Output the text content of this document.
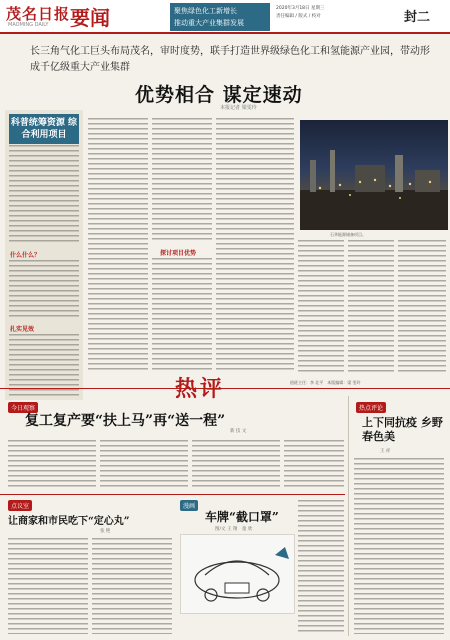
茂名日报
MAOMING DAILY 要闻	聚焦绿色化工新增长
推动重大产业集群发展
2020年3月18日 星期三
责任编辑 / 版式 / 校对	封二
长三角气化工巨头布局茂名，审时度势，联手打造世界级绿色化工和氢能源产业园，带动形成千亿级重大产业集群
优势相合 谋定速动
本报记者 梁雯玲
科普统筹资源 综合利用项目
什么什么？
扎实见效
探讨项目优势
石华能源储备项目。
值班主任：李 北平　本版编辑：梁 雯玲
热评
今日观察
复工复产要“扶上马”再“送一程”
新 技 文
热点评论
上下同抗疫 乡野春色美
王 祥
点议室
让商家和市民吃下“定心丸”
张 艳
漫画
车牌“截口罩”
图/文 王 翔　童 欣
